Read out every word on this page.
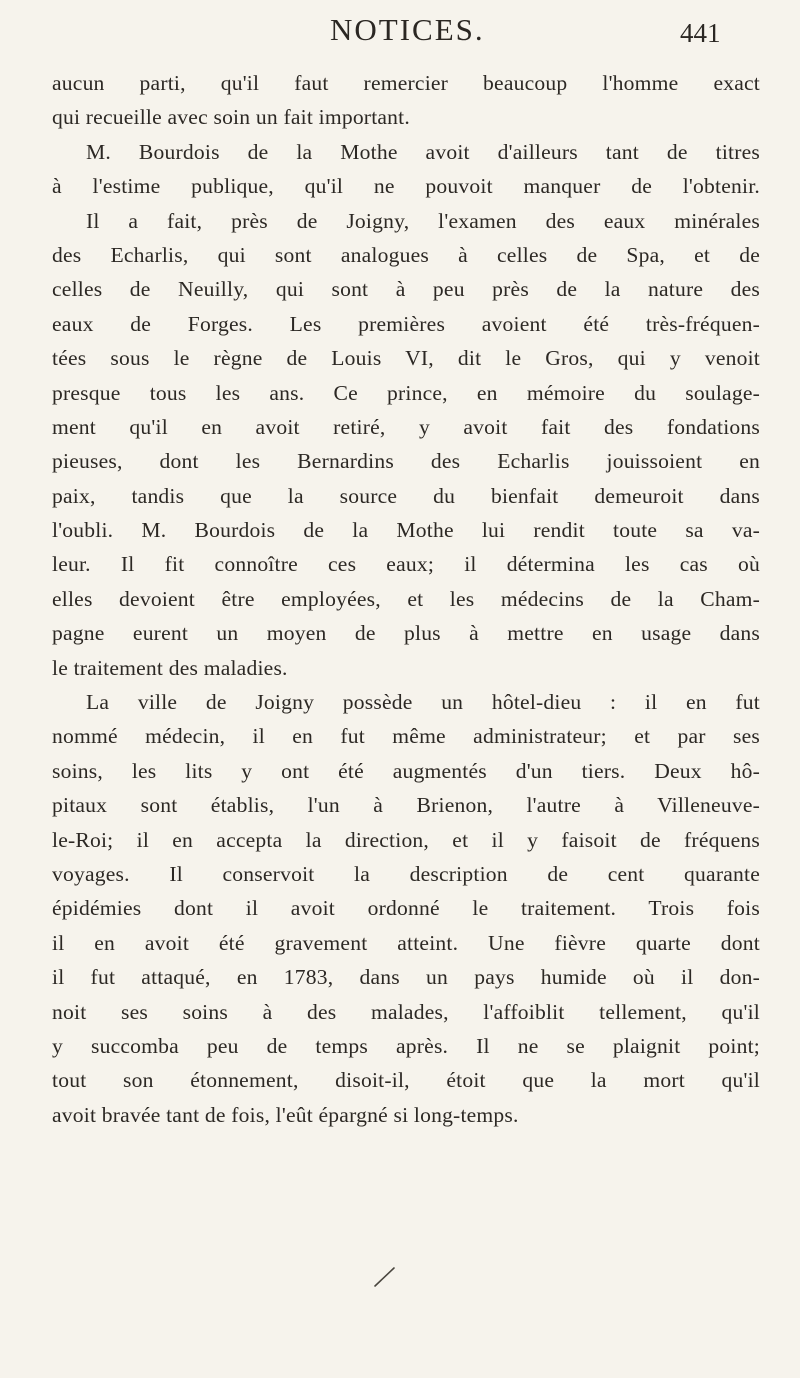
NOTICES.	441
aucun parti, qu'il faut remercier beaucoup l'homme exact
qui recueille avec soin un fait important.
M. Bourdois de la Mothe avoit d'ailleurs tant de titres
à l'estime publique, qu'il ne pouvoit manquer de l'obtenir.
Il a fait, près de Joigny, l'examen des eaux minérales
des Echarlis, qui sont analogues à celles de Spa, et de
celles de Neuilly, qui sont à peu près de la nature des
eaux de Forges. Les premières avoient été très-fréquen-
tées sous le règne de Louis VI, dit le Gros, qui y venoit
presque tous les ans. Ce prince, en mémoire du soulage-
ment qu'il en avoit retiré, y avoit fait des fondations
pieuses, dont les Bernardins des Echarlis jouissoient en
paix, tandis que la source du bienfait demeuroit dans
l'oubli. M. Bourdois de la Mothe lui rendit toute sa va-
leur. Il fit connoître ces eaux; il détermina les cas où
elles devoient être employées, et les médecins de la Cham-
pagne eurent un moyen de plus à mettre en usage dans
le traitement des maladies.
La ville de Joigny possède un hôtel-dieu : il en fut
nommé médecin, il en fut même administrateur; et par ses
soins, les lits y ont été augmentés d'un tiers. Deux hô-
pitaux sont établis, l'un à Brienon, l'autre à Villeneuve-
le-Roi; il en accepta la direction, et il y faisoit de fréquens
voyages. Il conservoit la description de cent quarante
épidémies dont il avoit ordonné le traitement. Trois fois
il en avoit été gravement atteint. Une fièvre quarte dont
il fut attaqué, en 1783, dans un pays humide où il don-
noit ses soins à des malades, l'affoiblit tellement, qu'il
y succomba peu de temps après. Il ne se plaignit point;
tout son étonnement, disoit-il, étoit que la mort qu'il
avoit bravée tant de fois, l'eût épargné si long-temps.
